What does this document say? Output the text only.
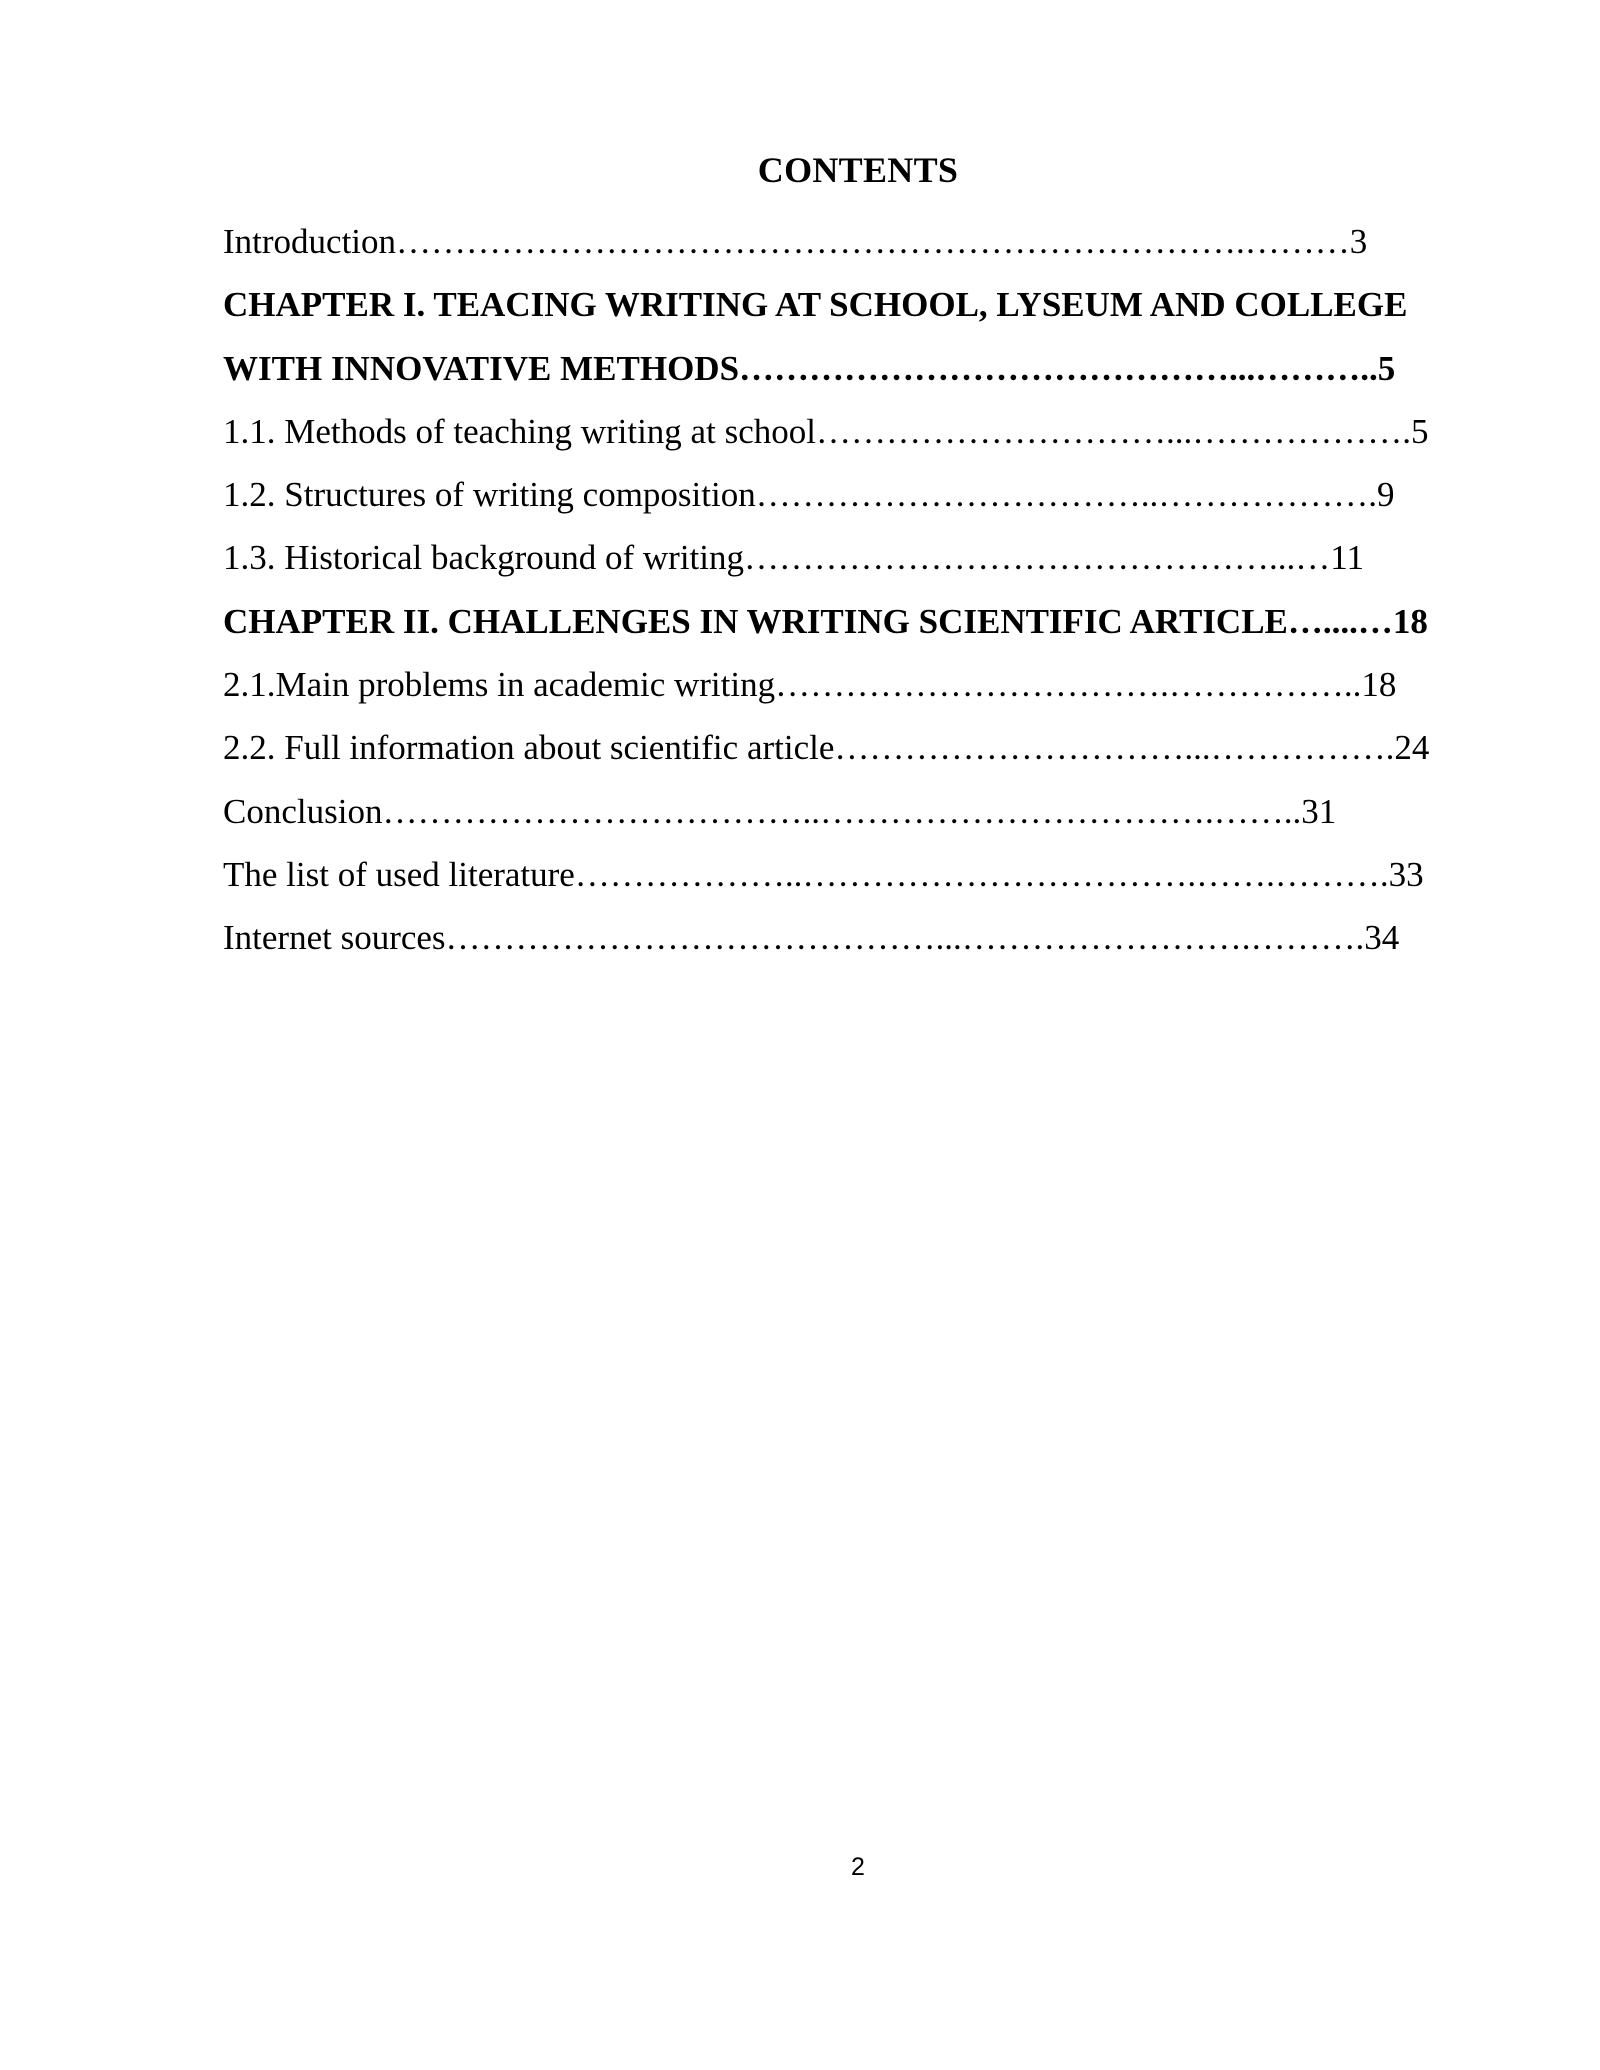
CONTENTS
Introduction……………………………………………………………….………3
CHAPTER I. TEACING WRITING AT SCHOOL, LYSEUM AND COLLEGE
WITH INNOVATIVE METHODS……………………………………...………..5
1.1. Methods of teaching writing at school…………………………...……………….5
1.2. Structures of writing composition……………………………..……………….9
1.3. Historical background of writing………………………………………...…11
CHAPTER II. CHALLENGES IN WRITING SCIENTIFIC ARTICLE…....…18
2.1.Main problems in academic writing…………………………….……………..18
2.2. Full information about scientific article…………………………...…………….24
Conclusion………………………………..…………………………….……..31
The list of used literature………………..…………………………….…….……….33
Internet sources……………………………………...…………………….……….34
2
